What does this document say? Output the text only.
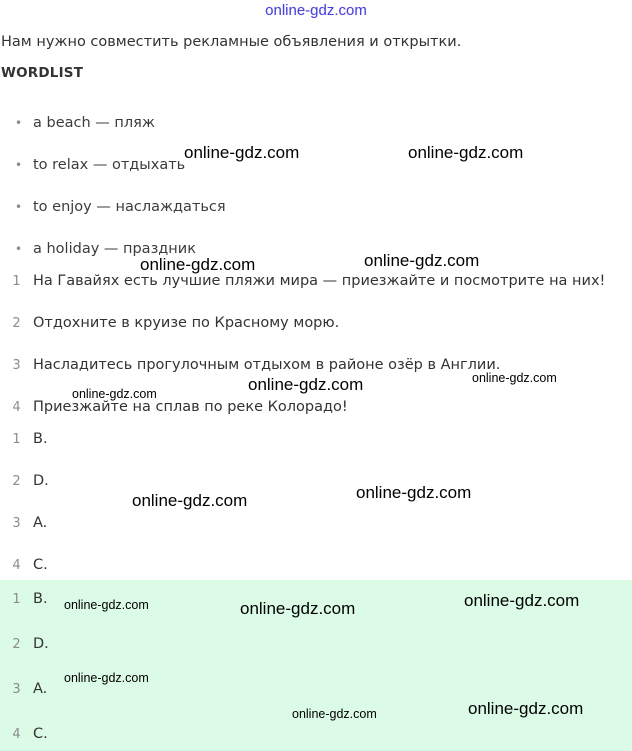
online-gdz.com
Нам нужно совместить рекламные объявления и открытки.
WORDLIST
• a beach — пляж
• to relax — отдыхать
• to enjoy — наслаждаться
• a holiday — праздник
1 На Гавайях есть лучшие пляжи мира — приезжайте и посмотрите на них!
2 Отдохните в круизе по Красному морю.
3 Насладитесь прогулочным отдыхом в районе озёр в Англии.
4 Приезжайте на сплав по реке Колорадо!
1 B.
2 D.
3 A.
4 C.
1 B.
2 D.
3 A.
4 C.
online-gdz.com	online-gdz.com
online-gdz.com	online-gdz.com
online-gdz.com
online-gdz.com
online-gdz.com
online-gdz.com	online-gdz.com
online-gdz.com	online-gdz.com	online-gdz.com
online-gdz.com
online-gdz.com	online-gdz.com
